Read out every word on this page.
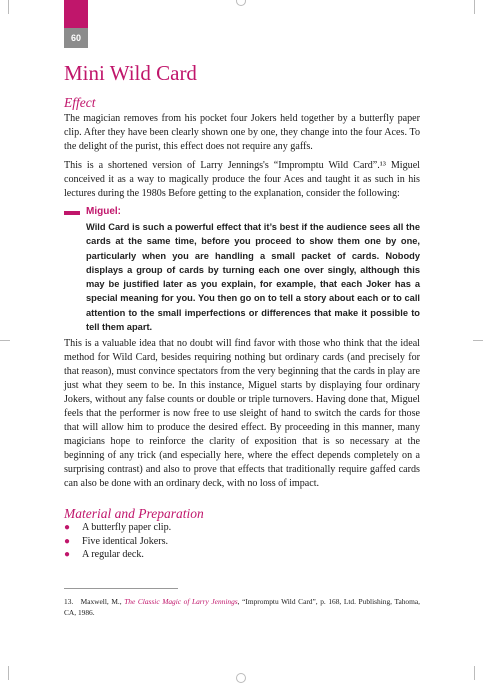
60
Mini Wild Card
Effect

The magician removes from his pocket four Jokers held together by a butterfly paper clip. After they have been clearly shown one by one, they change into the four Aces. To the delight of the purist, this effect does not require any gaffs.

This is a shortened version of Larry Jennings's “Impromptu Wild Card”.¹³ Miguel conceived it as a way to magically produce the four Aces and taught it as such in his lectures during the 1980s Before getting to the explanation, consider the following:

Miguel:

Wild Card is such a powerful effect that it’s best if the audience sees all the cards at the same time, before you proceed to show them one by one, particularly when you are handling a small packet of cards. Nobody displays a group of cards by turning each one over singly, although this may be justified later as you explain, for example, that each Joker has a special meaning for you. You then go on to tell a story about each or to call attention to the small imperfections or differences that make it possible to tell them apart.

This is a valuable idea that no doubt will find favor with those who think that the ideal method for Wild Card, besides requiring nothing but ordinary cards (and precisely for that reason), must convince spectators from the very beginning that the cards in play are just what they seem to be. In this instance, Miguel starts by displaying four ordinary Jokers, without any false counts or double or triple turnovers. Having done that, Miguel feels that the performer is now free to use sleight of hand to switch the cards for those that will allow him to produce the desired effect. By proceeding in this manner, many magicians hope to reinforce the clarity of exposition that is so necessary at the beginning of any trick (and especially here, where the effect depends completely on a surprising contrast) and also to prove that effects that traditionally require gaffed cards can also be done with an ordinary deck, with no loss of impact.

Material and Preparation
●	A butterfly paper clip.
●	Five identical Jokers.
●	A regular deck.

13. Maxwell, M., The Classic Magic of Larry Jennings, “Impromptu Wild Card”, p. 168, Ltd. Publishing, Tahoma, CA, 1986.
